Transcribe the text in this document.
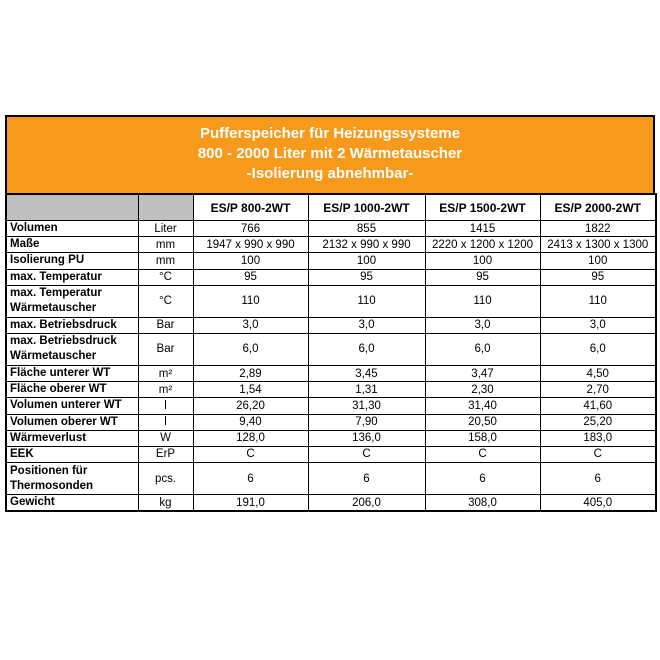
Pufferspeicher für Heizungssysteme
800 - 2000 Liter mit 2 Wärmetauscher
-Isolierung abnehmbar-
		ES/P 800-2WT	ES/P 1000-2WT	ES/P 1500-2WT	ES/P 2000-2WT

Volumen	Liter	766	855	1415	1822

Maße	mm	1947 x 990 x 990	2132 x 990 x 990	2220 x 1200 x 1200	2413 x 1300 x 1300

Isolierung PU	mm	100	100	100	100

max. Temperatur	°C	95	95	95	95

max. Temperatur
Wärmetauscher	°C	110	110	110	110

max. Betriebsdruck	Bar	3,0	3,0	3,0	3,0

max. Betriebsdruck
Wärmetauscher	Bar	6,0	6,0	6,0	6,0

Fläche unterer WT	m²	2,89	3,45	3,47	4,50

Fläche oberer WT	m²	1,54	1,31	2,30	2,70

Volumen unterer WT	l	26,20	31,30	31,40	41,60

Volumen oberer WT	l	9,40	7,90	20,50	25,20

Wärmeverlust	W	128,0	136,0	158,0	183,0

EEK	ErP	C	C	C	C

Positionen für
Thermosonden	pcs.	6	6	6	6

Gewicht	kg	191,0	206,0	308,0	405,0
